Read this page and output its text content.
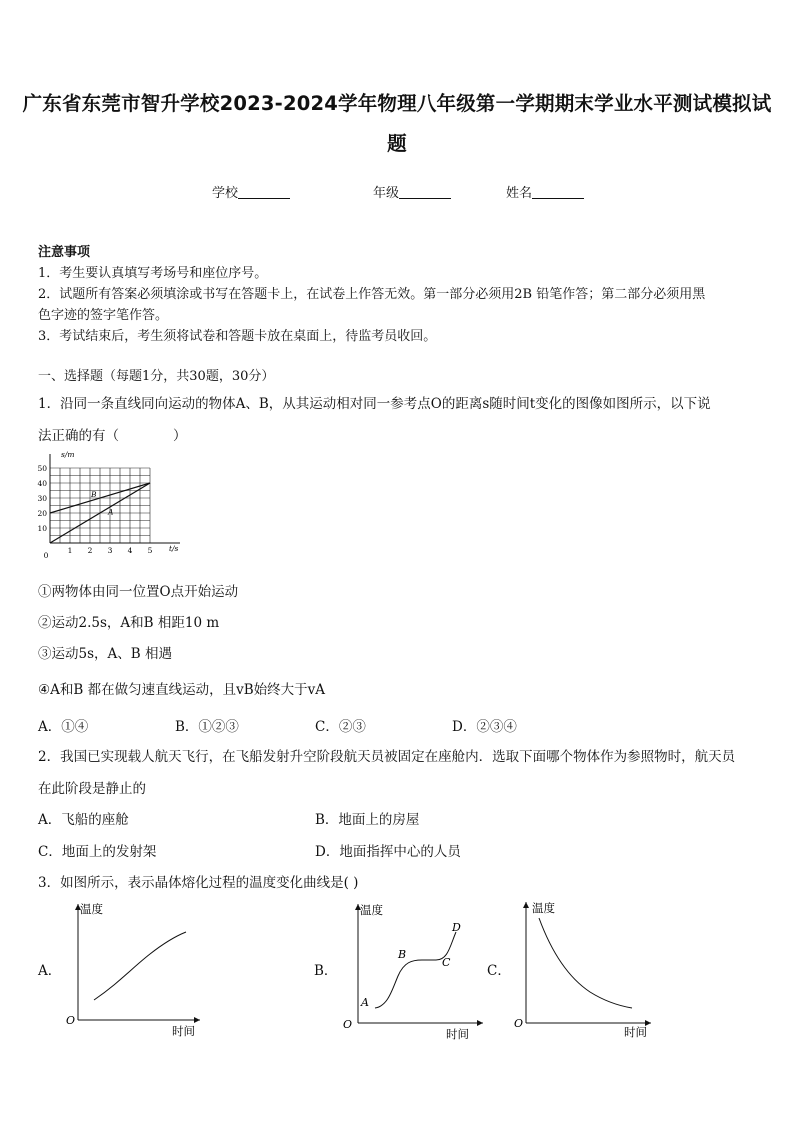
广东省东莞市智升学校2023-2024学年物理八年级第一学期期末学业水平测试模拟试
题
学校	年级	姓名
注意事项
1．考生要认真填写考场号和座位序号。
2．试题所有答案必须填涂或书写在答题卡上，在试卷上作答无效。第一部分必须用2B 铅笔作答；第二部分必须用黑
色字迹的签字笔作答。
3．考试结束后，考生须将试卷和答题卡放在桌面上，待监考员收回。
一、选择题（每题1分，共30题，30分）
1．沿同一条直线同向运动的物体A、B，从其运动相对同一参考点O的距离s随时间t变化的图像如图所示，以下说
法正确的有（　　　　）
B
A
0
1 2 3 4 5
10
20
30
40
50
s/m
t/s
①两物体由同一位置O点开始运动
②运动2.5s，A和B 相距10 m
③运动5s，A、B 相遇
④A和B 都在做匀速直线运动，且vB始终大于vA
A．①④	B．①②③	C．②③	D．②③④
2．我国已实现载人航天飞行，在飞船发射升空阶段航天员被固定在座舱内．选取下面哪个物体作为参照物时，航天员
在此阶段是静止的
A．飞船的座舱	B．地面上的房屋
C．地面上的发射架	D．地面指挥中心的人员
3．如图所示，表示晶体熔化过程的温度变化曲线是( )
A．
温度
O
时间
B．
温度
O
时间
A
B
C
D
C．
温度
O
时间
